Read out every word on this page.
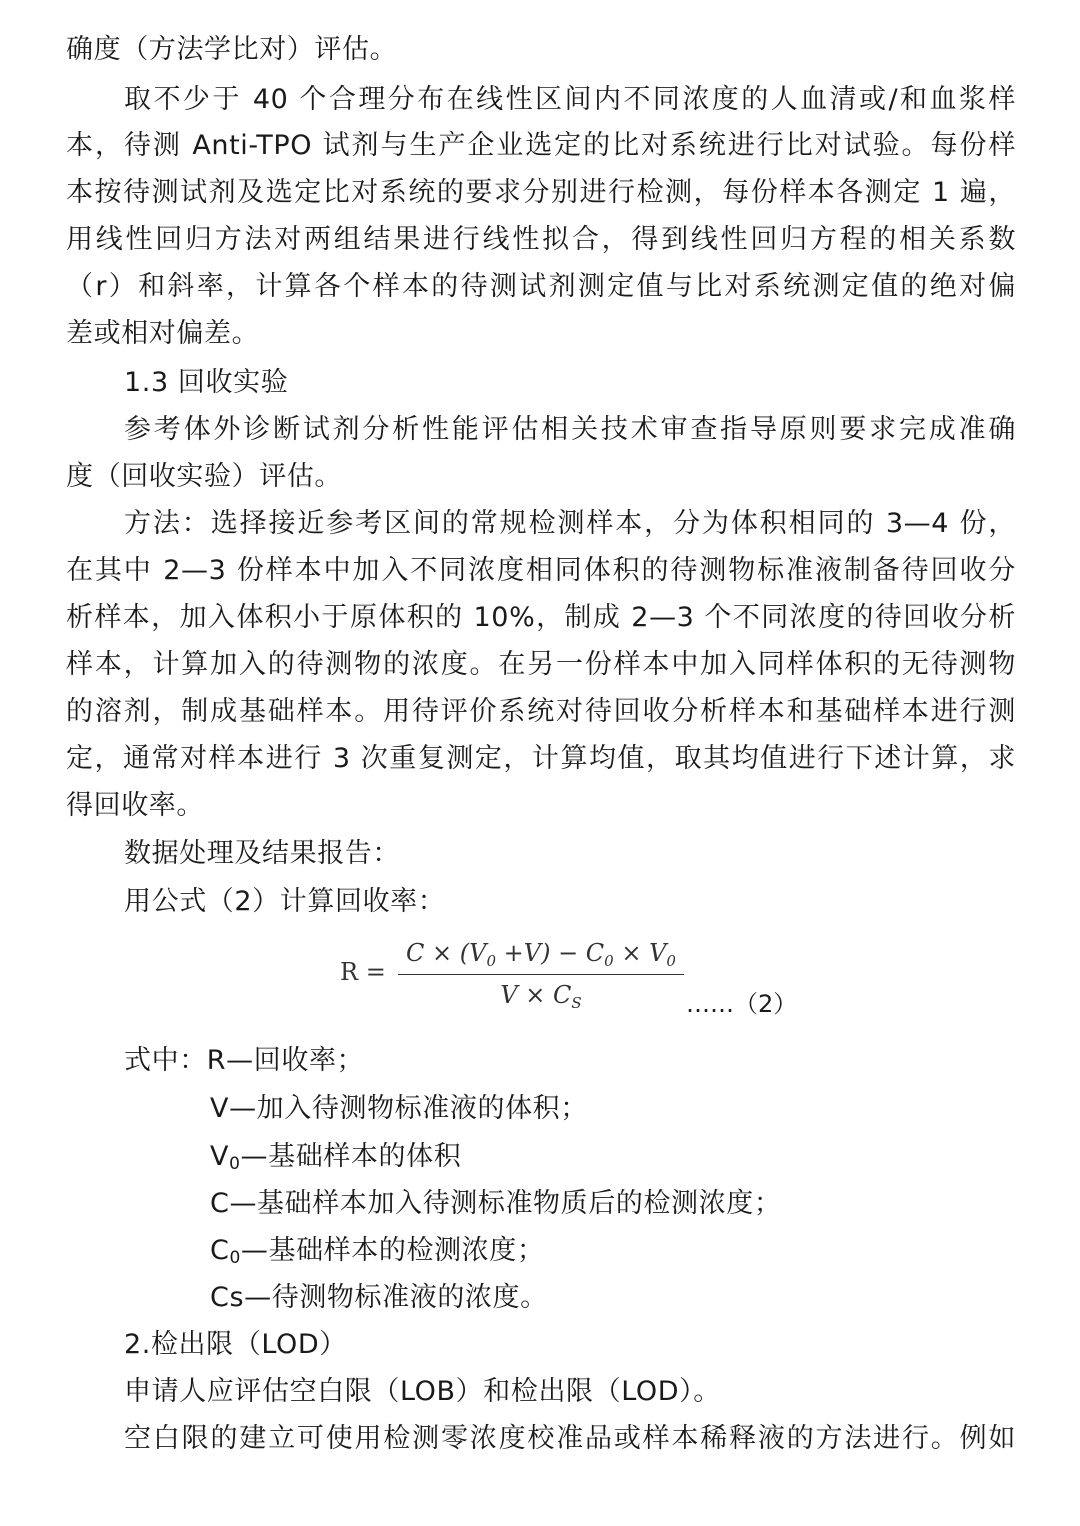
确度（方法学比对）评估。
取不少于 40 个合理分布在线性区间内不同浓度的人血清或/和血浆样
本，待测 Anti-TPO 试剂与生产企业选定的比对系统进行比对试验。每份样
本按待测试剂及选定比对系统的要求分别进行检测，每份样本各测定 1 遍，
用线性回归方法对两组结果进行线性拟合，得到线性回归方程的相关系数
（r）和斜率，计算各个样本的待测试剂测定值与比对系统测定值的绝对偏
差或相对偏差。
1.3 回收实验
参考体外诊断试剂分析性能评估相关技术审查指导原则要求完成准确
度（回收实验）评估。
方法：选择接近参考区间的常规检测样本，分为体积相同的 3—4 份，
在其中 2—3 份样本中加入不同浓度相同体积的待测物标准液制备待回收分
析样本，加入体积小于原体积的 10%，制成 2—3 个不同浓度的待回收分析
样本，计算加入的待测物的浓度。在另一份样本中加入同样体积的无待测物
的溶剂，制成基础样本。用待评价系统对待回收分析样本和基础样本进行测
定，通常对样本进行 3 次重复测定，计算均值，取其均值进行下述计算，求
得回收率。
数据处理及结果报告：
用公式（2）计算回收率：
R =
$C \times (V_0 +V) - C_0 \times V_0$
$V \times C_S$	……（2）
式中：R—回收率；
V—加入待测物标准液的体积；
$V_0—$基础样本的体积
C—基础样本加入待测标准物质后的检测浓度；
$C_0—$基础样本的检测浓度；
Cs—待测物标准液的浓度。
2.检出限（LOD）
申请人应评估空白限（LOB）和检出限（LOD）。
空白限的建立可使用检测零浓度校准品或样本稀释液的方法进行。例如
